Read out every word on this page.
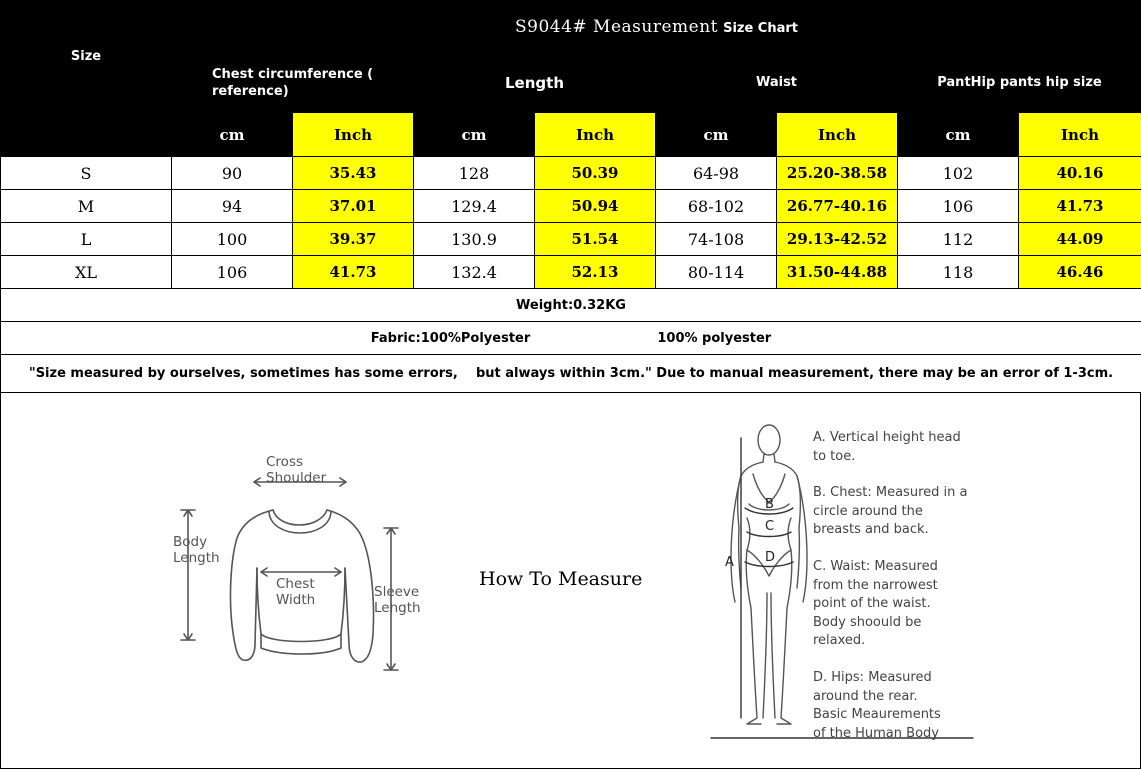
Size	S9044# Measurement Size Chart							
	Chest circumference ( reference)		Length		Waist		PantHip pants hip size	
	cm	Inch	cm	Inch	cm	Inch	cm	Inch
S	90	35.43	128	50.39	64-98	25.20-38.58	102	40.16
M	94	37.01	129.4	50.94	68-102	26.77-40.16	106	41.73
L	100	39.37	130.9	51.54	74-108	29.13-42.52	112	44.09
XL	106	41.73	132.4	52.13	80-114	31.50-44.88	118	46.46
Weight:0.32KG								
Fabric:100%Polyester 100% polyester								
"Size measured by ourselves, sometimes has some errors,    but always within 3cm." Due to manual measurement, there may be an error of 1-3cm.								
Cross
Shoulder
Body
Length
Chest
Width	Sleeve
Length
How To Measure
A
B
C
D

A. Vertical height head

to toe.

B. Chest: Measured in a

circle around the

breasts and back.

C. Waist: Measured

from the narrowest

point of the waist.

Body shoould be

relaxed.

D. Hips: Measured

around the rear.

Basic Meaurements

of the Human Body
